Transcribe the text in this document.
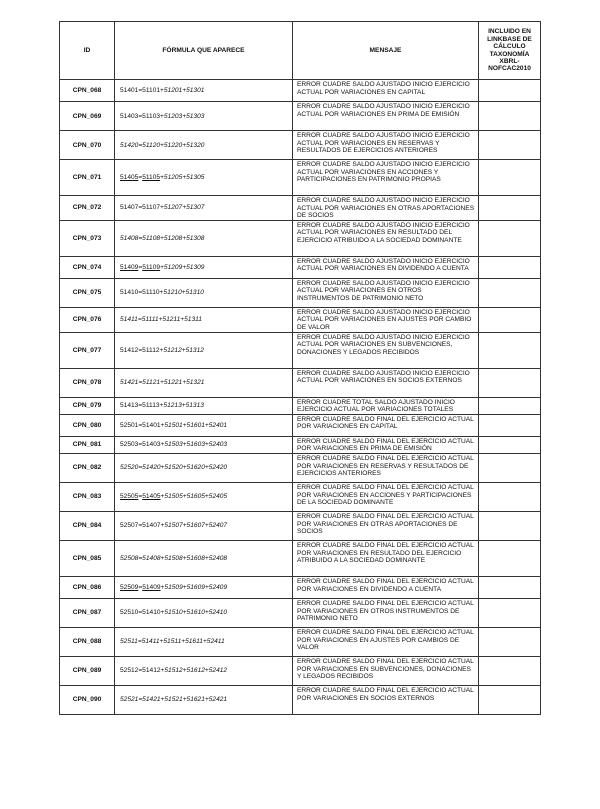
ID	FÓRMULA QUE APARECE	MENSAJE	INCLUIDO EN LINKBASE DE CÁLCULO TAXONOMÍA XBRL-NOFCAC2010
CPN_068	51401=51101+51201+51301	ERROR CUADRE SALDO AJUSTADO INICIO EJERCICIO ACTUAL POR VARIACIONES EN CAPITAL	
CPN_069	51403=51103+51203+51303	ERROR CUADRE SALDO AJUSTADO INICIO EJERCICIO ACTUAL POR VARIACIONES EN PRIMA DE EMISIÓN	
CPN_070	51420=51120+51220+51320	ERROR CUADRE SALDO AJUSTADO INICIO EJERCICIO ACTUAL POR VARIACIONES EN RESERVAS Y RESULTADOS DE EJERCICIOS ANTERIORES	
CPN_071	51405=51105+51205+51305	ERROR CUADRE SALDO AJUSTADO INICIO EJERCICIO ACTUAL POR VARIACIONES EN ACCIONES Y PARTICIPACIONES EN PATRIMONIO PROPIAS	
CPN_072	51407=51107+51207+51307	ERROR CUADRE SALDO AJUSTADO INICIO EJERCICIO ACTUAL POR VARIACIONES EN OTRAS APORTACIONES DE SOCIOS	
CPN_073	51408=51108+51208+51308	ERROR CUADRE SALDO AJUSTADO INICIO EJERCICIO ACTUAL POR VARIACIONES EN RESULTADO DEL EJERCICIO ATRIBUIDO A LA SOCIEDAD DOMINANTE	
CPN_074	51409=51109+51209+51309	ERROR CUADRE SALDO AJUSTADO INICIO EJERCICIO ACTUAL POR VARIACIONES EN DIVIDENDO A CUENTA	
CPN_075	51410=51110+51210+51310	ERROR CUADRE SALDO AJUSTADO INICIO EJERCICIO ACTUAL POR VARIACIONES EN OTROS INSTRUMENTOS DE PATRIMONIO NETO	
CPN_076	51411=51111+51211+51311	ERROR CUADRE SALDO AJUSTADO INICIO EJERCICIO ACTUAL POR VARIACIONES EN AJUSTES POR CAMBIO DE VALOR	
CPN_077	51412=51112+51212+51312	ERROR CUADRE SALDO AJUSTADO INICIO EJERCICIO ACTUAL POR VARIACIONES EN SUBVENCIONES, DONACIONES Y LEGADOS RECIBIDOS	
CPN_078	51421=51121+51221+51321	ERROR CUADRE SALDO AJUSTADO INICIO EJERCICIO ACTUAL POR VARIACIONES EN SOCIOS EXTERNOS	
CPN_079	51413=51113+51213+51313	ERROR CUADRE TOTAL SALDO AJUSTADO INICIO EJERCICIO ACTUAL POR VARIACIONES TOTALES	
CPN_080	52501=51401+51501+51601+52401	ERROR CUADRE SALDO FINAL DEL EJERCICIO ACTUAL POR VARIACIONES EN CAPITAL	
CPN_081	52503=51403+51503+51603+52403	ERROR CUADRE SALDO FINAL DEL EJERCICIO ACTUAL POR VARIACIONES EN PRIMA DE EMISIÓN	
CPN_082	52520=51420+51520+51620+52420	ERROR CUADRE SALDO FINAL DEL EJERCICIO ACTUAL POR VARIACIONES EN RESERVAS Y RESULTADOS DE EJERCICIOS ANTERIORES	
CPN_083	52505=51405+51505+51605+52405	ERROR CUADRE SALDO FINAL DEL EJERCICIO ACTUAL POR VARIACIONES EN ACCIONES Y PARTICIPACIONES DE LA SOCIEDAD DOMINANTE	
CPN_084	52507=51407+51507+51607+52407	ERROR CUADRE SALDO FINAL DEL EJERCICIO ACTUAL POR VARIACIONES EN OTRAS APORTACIONES DE SOCIOS	
CPN_085	52508=51408+51508+51608+52408	ERROR CUADRE SALDO FINAL DEL EJERCICIO ACTUAL POR VARIACIONES EN RESULTADO DEL EJERCICIO ATRIBUIDO A LA SOCIEDAD DOMINANTE	
CPN_086	52509=51409+51509+51609+52409	ERROR CUADRE SALDO FINAL DEL EJERCICIO ACTUAL POR VARIACIONES EN DIVIDENDO A CUENTA	
CPN_087	52510=51410+51510+51610+52410	ERROR CUADRE SALDO FINAL DEL EJERCICIO ACTUAL POR VARIACIONES EN OTROS INSTRUMENTOS DE PATRIMONIO NETO	
CPN_088	52511=51411+51511+51611+52411	ERROR CUADRE SALDO FINAL DEL EJERCICIO ACTUAL POR VARIACIONES EN AJUSTES POR CAMBIOS DE VALOR	
CPN_089	52512=51412+51512+51612+52412	ERROR CUADRE SALDO FINAL DEL EJERCICIO ACTUAL POR VARIACIONES EN SUBVENCIONES, DONACIONES Y LEGADOS RECIBIDOS	
CPN_090	52521=51421+51521+51621+52421	ERROR CUADRE SALDO FINAL DEL EJERCICIO ACTUAL POR VARIACIONES EN SOCIOS EXTERNOS	
